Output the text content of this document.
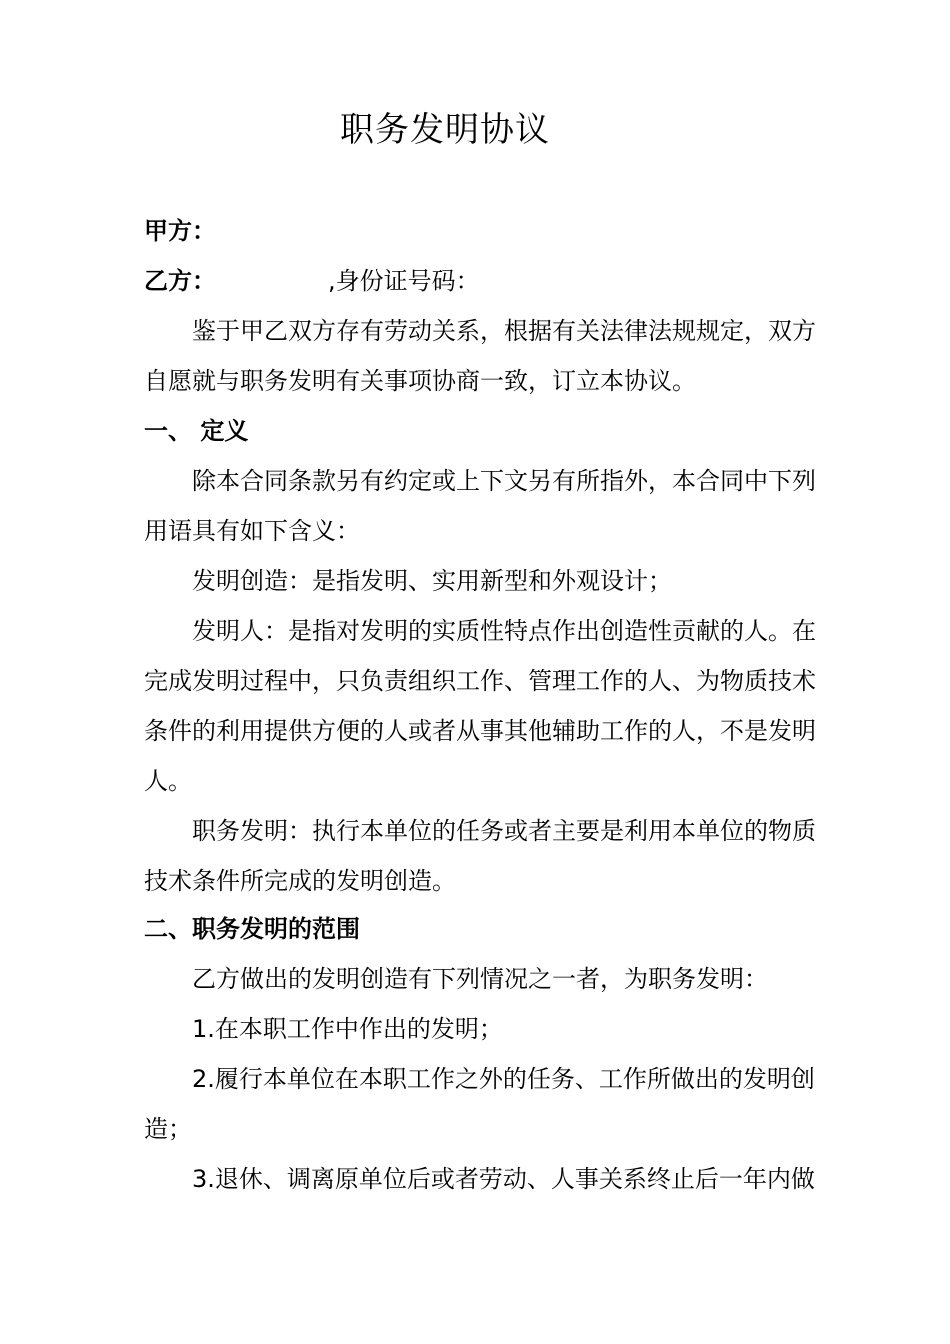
职务发明协议
甲方：
乙方：	,身份证号码：
鉴于甲乙双方存有劳动关系，根据有关法律法规规定，双方
自愿就与职务发明有关事项协商一致，订立本协议。
一、 定义
除本合同条款另有约定或上下文另有所指外，本合同中下列
用语具有如下含义：
发明创造：是指发明、实用新型和外观设计；
发明人：是指对发明的实质性特点作出创造性贡献的人。在
完成发明过程中，只负责组织工作、管理工作的人、为物质技术
条件的利用提供方便的人或者从事其他辅助工作的人，不是发明
人。
职务发明：执行本单位的任务或者主要是利用本单位的物质
技术条件所完成的发明创造。
二、职务发明的范围
乙方做出的发明创造有下列情况之一者，为职务发明：
1.在本职工作中作出的发明；
2.履行本单位在本职工作之外的任务、工作所做出的发明创
造；
3.退休、调离原单位后或者劳动、人事关系终止后一年内做
